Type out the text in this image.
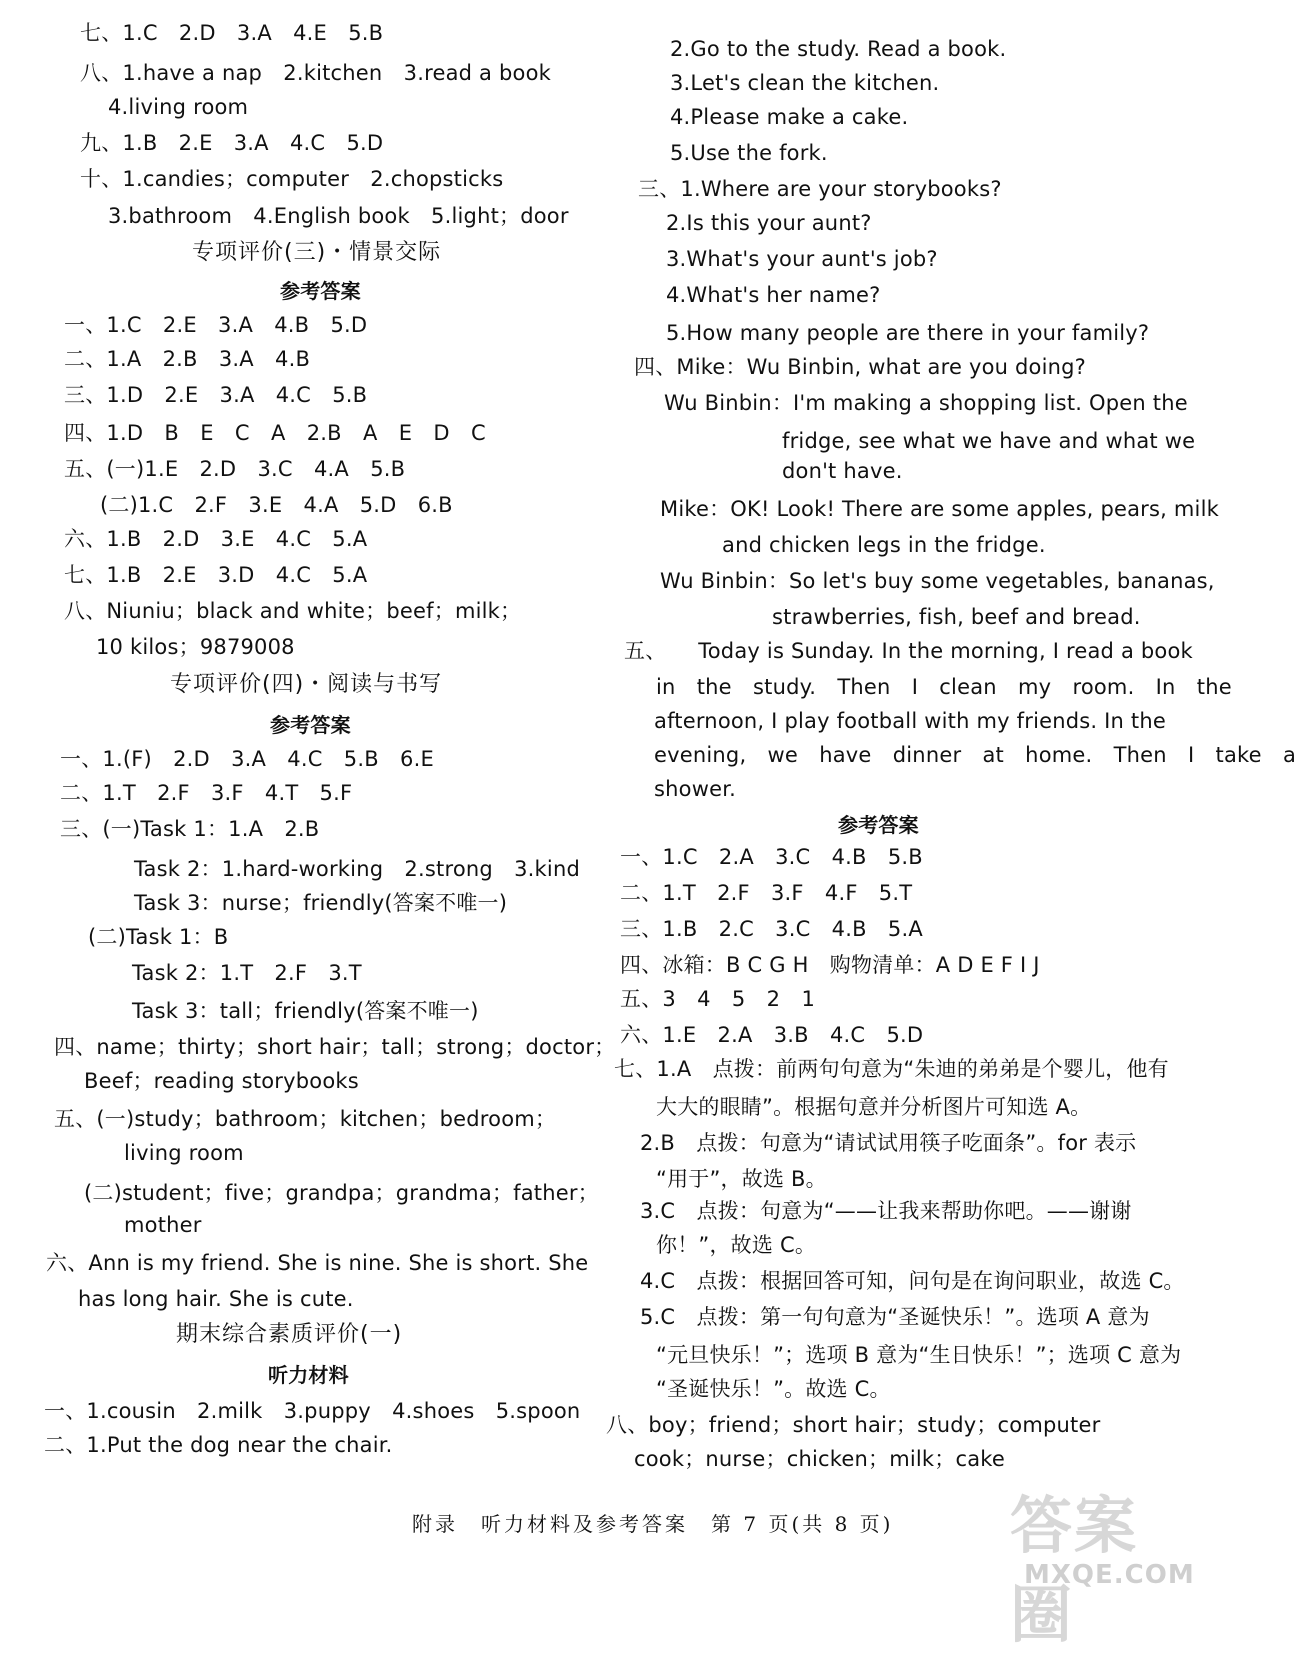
七、1.C　2.D　3.A　4.E　5.B
八、1.have a nap　2.kitchen　3.read a book
4.living room
九、1.B　2.E　3.A　4.C　5.D
十、1.candies；computer　2.chopsticks
3.bathroom　4.English book　5.light；door
专项评价(三)・情景交际
参考答案
一、1.C　2.E　3.A　4.B　5.D
二、1.A　2.B　3.A　4.B
三、1.D　2.E　3.A　4.C　5.B
四、1.D　B　E　C　A　2.B　A　E　D　C
五、(一)1.E　2.D　3.C　4.A　5.B
(二)1.C　2.F　3.E　4.A　5.D　6.B
六、1.B　2.D　3.E　4.C　5.A
七、1.B　2.E　3.D　4.C　5.A
八、Niuniu；black and white；beef；milk；
10 kilos；9879008
专项评价(四)・阅读与书写
参考答案
一、1.(F)　2.D　3.A　4.C　5.B　6.E
二、1.T　2.F　3.F　4.T　5.F
三、(一)Task 1：1.A　2.B
Task 2：1.hard-working　2.strong　3.kind
Task 3：nurse；friendly(答案不唯一)
(二)Task 1：B
Task 2：1.T　2.F　3.T
Task 3：tall；friendly(答案不唯一)
四、name；thirty；short hair；tall；strong；doctor；
Beef；reading storybooks
五、(一)study；bathroom；kitchen；bedroom；
living room
(二)student；five；grandpa；grandma；father；
mother
六、Ann is my friend. She is nine. She is short. She
has long hair. She is cute.
期末综合素质评价(一)
听力材料
一、1.cousin　2.milk　3.puppy　4.shoes　5.spoon
二、1.Put the dog near the chair.
2.Go to the study. Read a book.
3.Let's clean the kitchen.
4.Please make a cake.
5.Use the fork.
三、1.Where are your storybooks?
2.Is this your aunt?
3.What's your aunt's job?
4.What's her name?
5.How many people are there in your family?
四、Mike：Wu Binbin, what are you doing?
Wu Binbin：I'm making a shopping list. Open the
fridge, see what we have and what we
don't have.
Mike：OK! Look! There are some apples, pears, milk
and chicken legs in the fridge.
Wu Binbin：So let's buy some vegetables, bananas,
strawberries, fish, beef and bread.
五、　　Today is Sunday. In the morning, I read a book
in　the　study.　Then　I　clean　my　room.　In　the
afternoon, I play football with my friends. In the
evening,　we　have　dinner　at　home.　Then　I　take　a
shower.
参考答案
一、1.C　2.A　3.C　4.B　5.B
二、1.T　2.F　3.F　4.F　5.T
三、1.B　2.C　3.C　4.B　5.A
四、冰箱：B C G H　购物清单：A D E F I J
五、3　4　5　2　1
六、1.E　2.A　3.B　4.C　5.D
七、1.A　点拨：前两句句意为“朱迪的弟弟是个婴儿，他有
大大的眼睛”。根据句意并分析图片可知选 A。
2.B　点拨：句意为“请试试用筷子吃面条”。for 表示
“用于”，故选 B。
3.C　点拨：句意为“——让我来帮助你吧。——谢谢
你！”，故选 C。
4.C　点拨：根据回答可知，问句是在询问职业，故选 C。
5.C　点拨：第一句句意为“圣诞快乐！”。选项 A 意为
“元旦快乐！”；选项 B 意为“生日快乐！”；选项 C 意为
“圣诞快乐！”。故选 C。
八、boy；friend；short hair；study；computer
cook；nurse；chicken；milk；cake
附录　听力材料及参考答案　第 7 页(共 8 页) 答案圈
MXQE.COM
